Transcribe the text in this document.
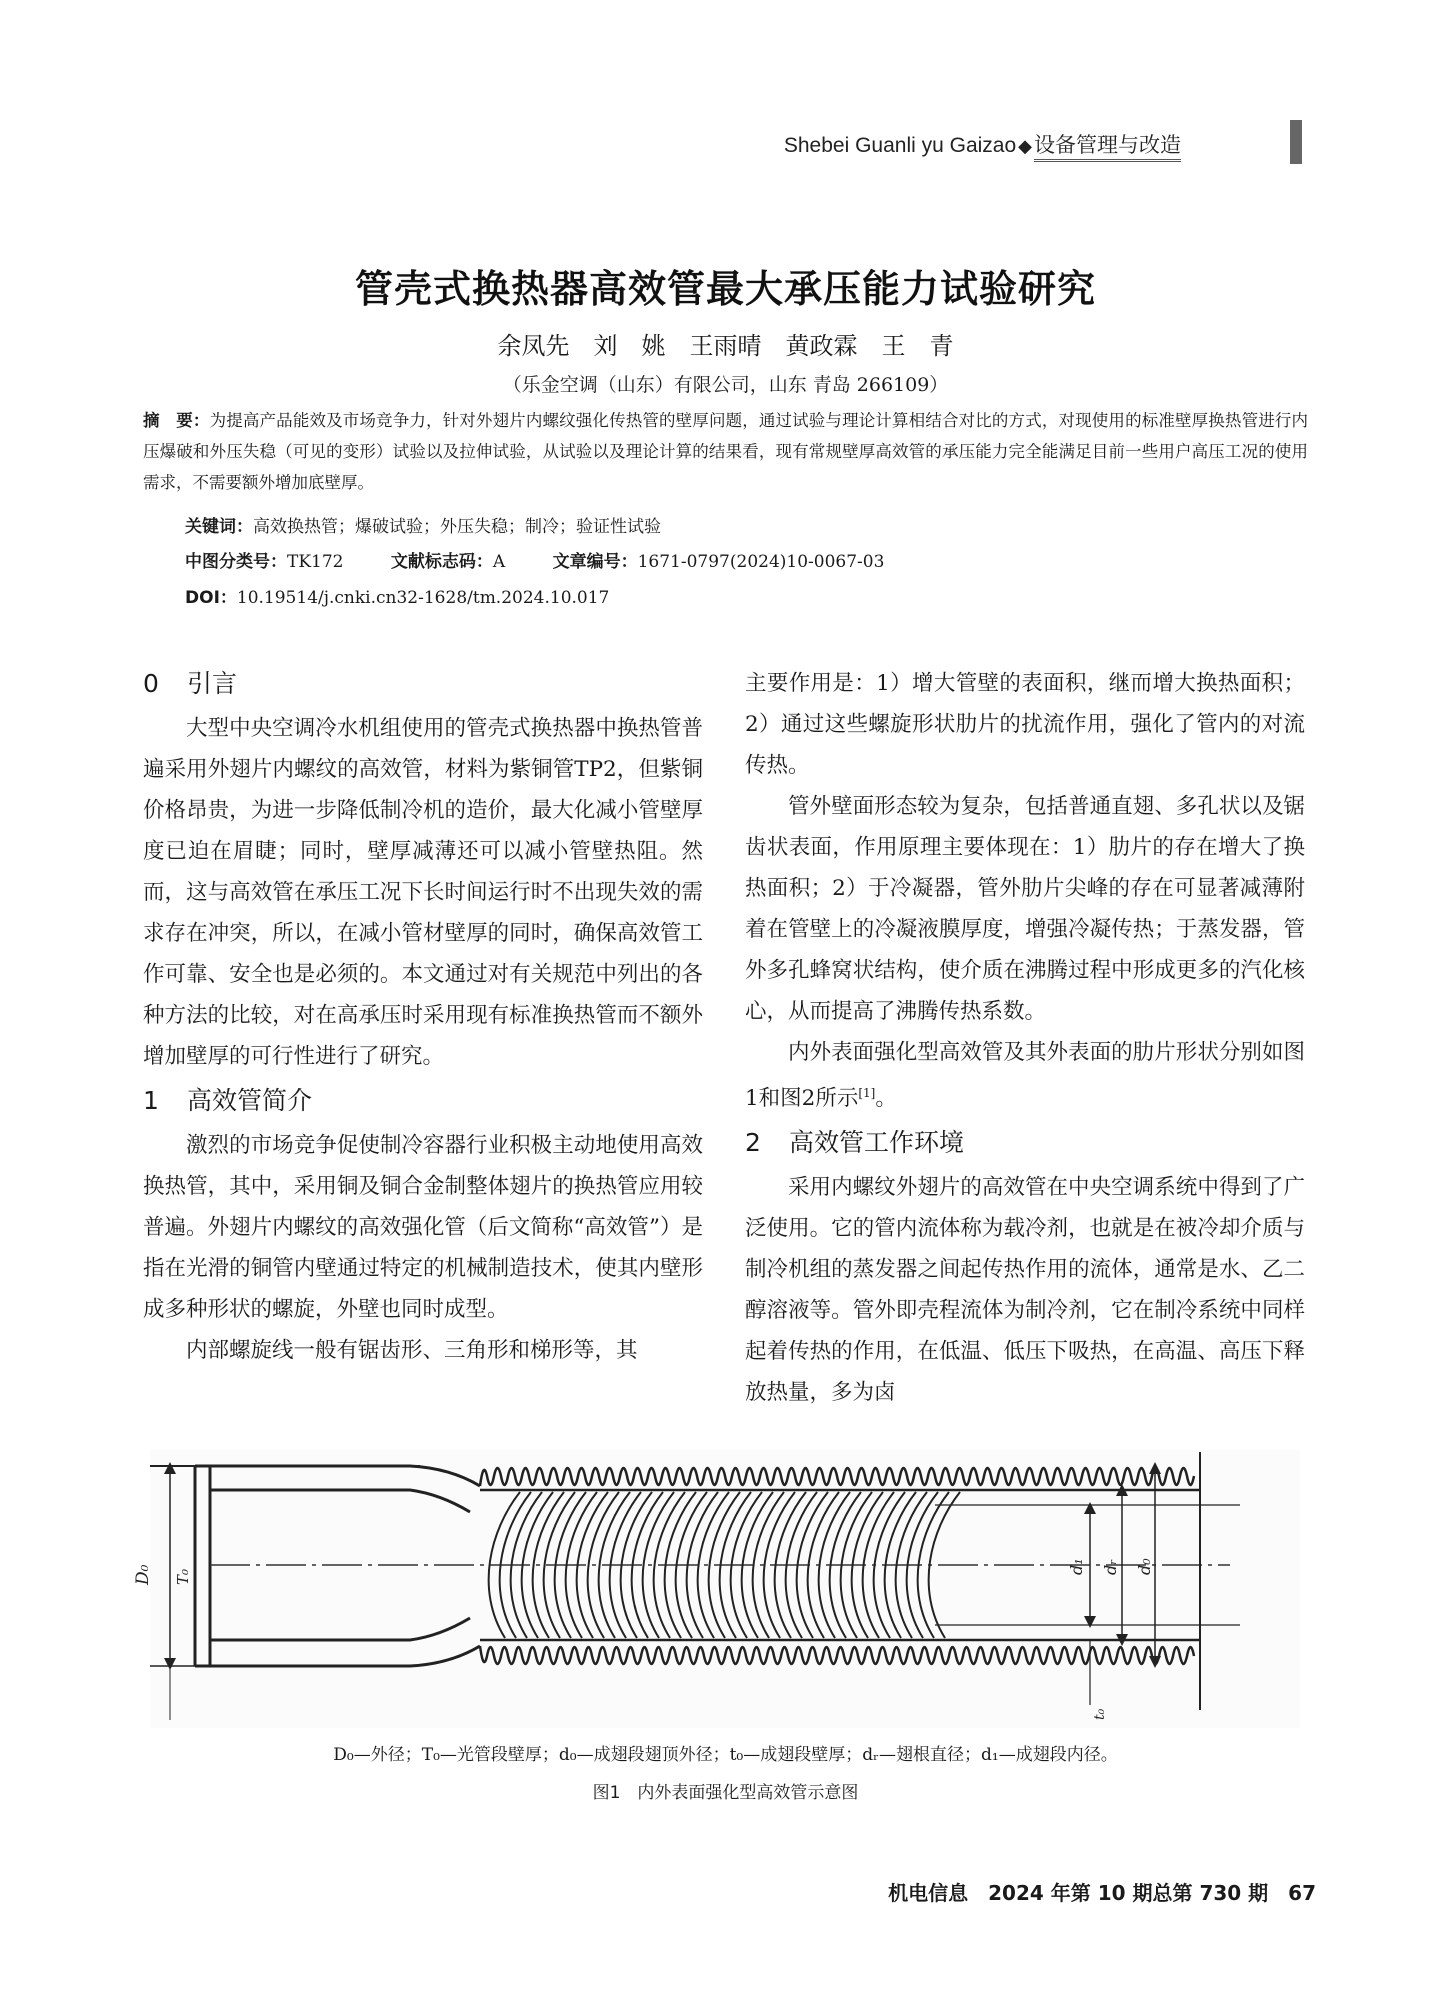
Shebei Guanli yu Gaizao ◆设备管理与改造
管壳式换热器高效管最大承压能力试验研究
余凤先　刘　姚　王雨晴　黄政霖　王　青
（乐金空调（山东）有限公司，山东 青岛 266109）
摘　要：为提高产品能效及市场竞争力，针对外翅片内螺纹强化传热管的壁厚问题，通过试验与理论计算相结合对比的方式，对现使用的标准壁厚换热管进行内压爆破和外压失稳（可见的变形）试验以及拉伸试验，从试验以及理论计算的结果看，现有常规壁厚高效管的承压能力完全能满足目前一些用户高压工况的使用需求，不需要额外增加底壁厚。
关键词：高效换热管；爆破试验；外压失稳；制冷；验证性试验
中图分类号：TK172	文献标志码：A	文章编号：1671-0797(2024)10-0067-03
DOI：10.19514/j.cnki.cn32-1628/tm.2024.10.017
0 引言

大型中央空调冷水机组使用的管壳式换热器中换热管普遍采用外翅片内螺纹的高效管，材料为紫铜管TP2，但紫铜价格昂贵，为进一步降低制冷机的造价，最大化减小管壁厚度已迫在眉睫；同时，壁厚减薄还可以减小管壁热阻。然而，这与高效管在承压工况下长时间运行时不出现失效的需求存在冲突，所以，在减小管材壁厚的同时，确保高效管工作可靠、安全也是必须的。本文通过对有关规范中列出的各种方法的比较，对在高承压时采用现有标准换热管而不额外增加壁厚的可行性进行了研究。

1 高效管简介

激烈的市场竞争促使制冷容器行业积极主动地使用高效换热管，其中，采用铜及铜合金制整体翅片的换热管应用较普遍。外翅片内螺纹的高效强化管（后文简称“高效管”）是指在光滑的铜管内壁通过特定的机械制造技术，使其内壁形成多种形状的螺旋，外壁也同时成型。

内部螺旋线一般有锯齿形、三角形和梯形等，其

主要作用是：1）增大管壁的表面积，继而增大换热面积；2）通过这些螺旋形状肋片的扰流作用，强化了管内的对流传热。

管外壁面形态较为复杂，包括普通直翅、多孔状以及锯齿状表面，作用原理主要体现在：1）肋片的存在增大了换热面积；2）于冷凝器，管外肋片尖峰的存在可显著减薄附着在管壁上的冷凝液膜厚度，增强冷凝传热；于蒸发器，管外多孔蜂窝状结构，使介质在沸腾过程中形成更多的汽化核心，从而提高了沸腾传热系数。

内外表面强化型高效管及其外表面的肋片形状分别如图1和图2所示[1]。

2 高效管工作环境

采用内螺纹外翅片的高效管在中央空调系统中得到了广泛使用。它的管内流体称为载冷剂，也就是在被冷却介质与制冷机组的蒸发器之间起传热作用的流体，通常是水、乙二醇溶液等。管外即壳程流体为制冷剂，它在制冷系统中同样起着传热的作用，在低温、低压下吸热，在高温、高压下释放热量，多为卤

D₀ T₀
d₁ dᵣ d₀
t₀
D₀—外径；T₀—光管段壁厚；d₀—成翅段翅顶外径；t₀—成翅段壁厚；dᵣ—翅根直径；d₁—成翅段内径。
图1　内外表面强化型高效管示意图
机电信息　2024 年第 10 期总第 730 期　67
